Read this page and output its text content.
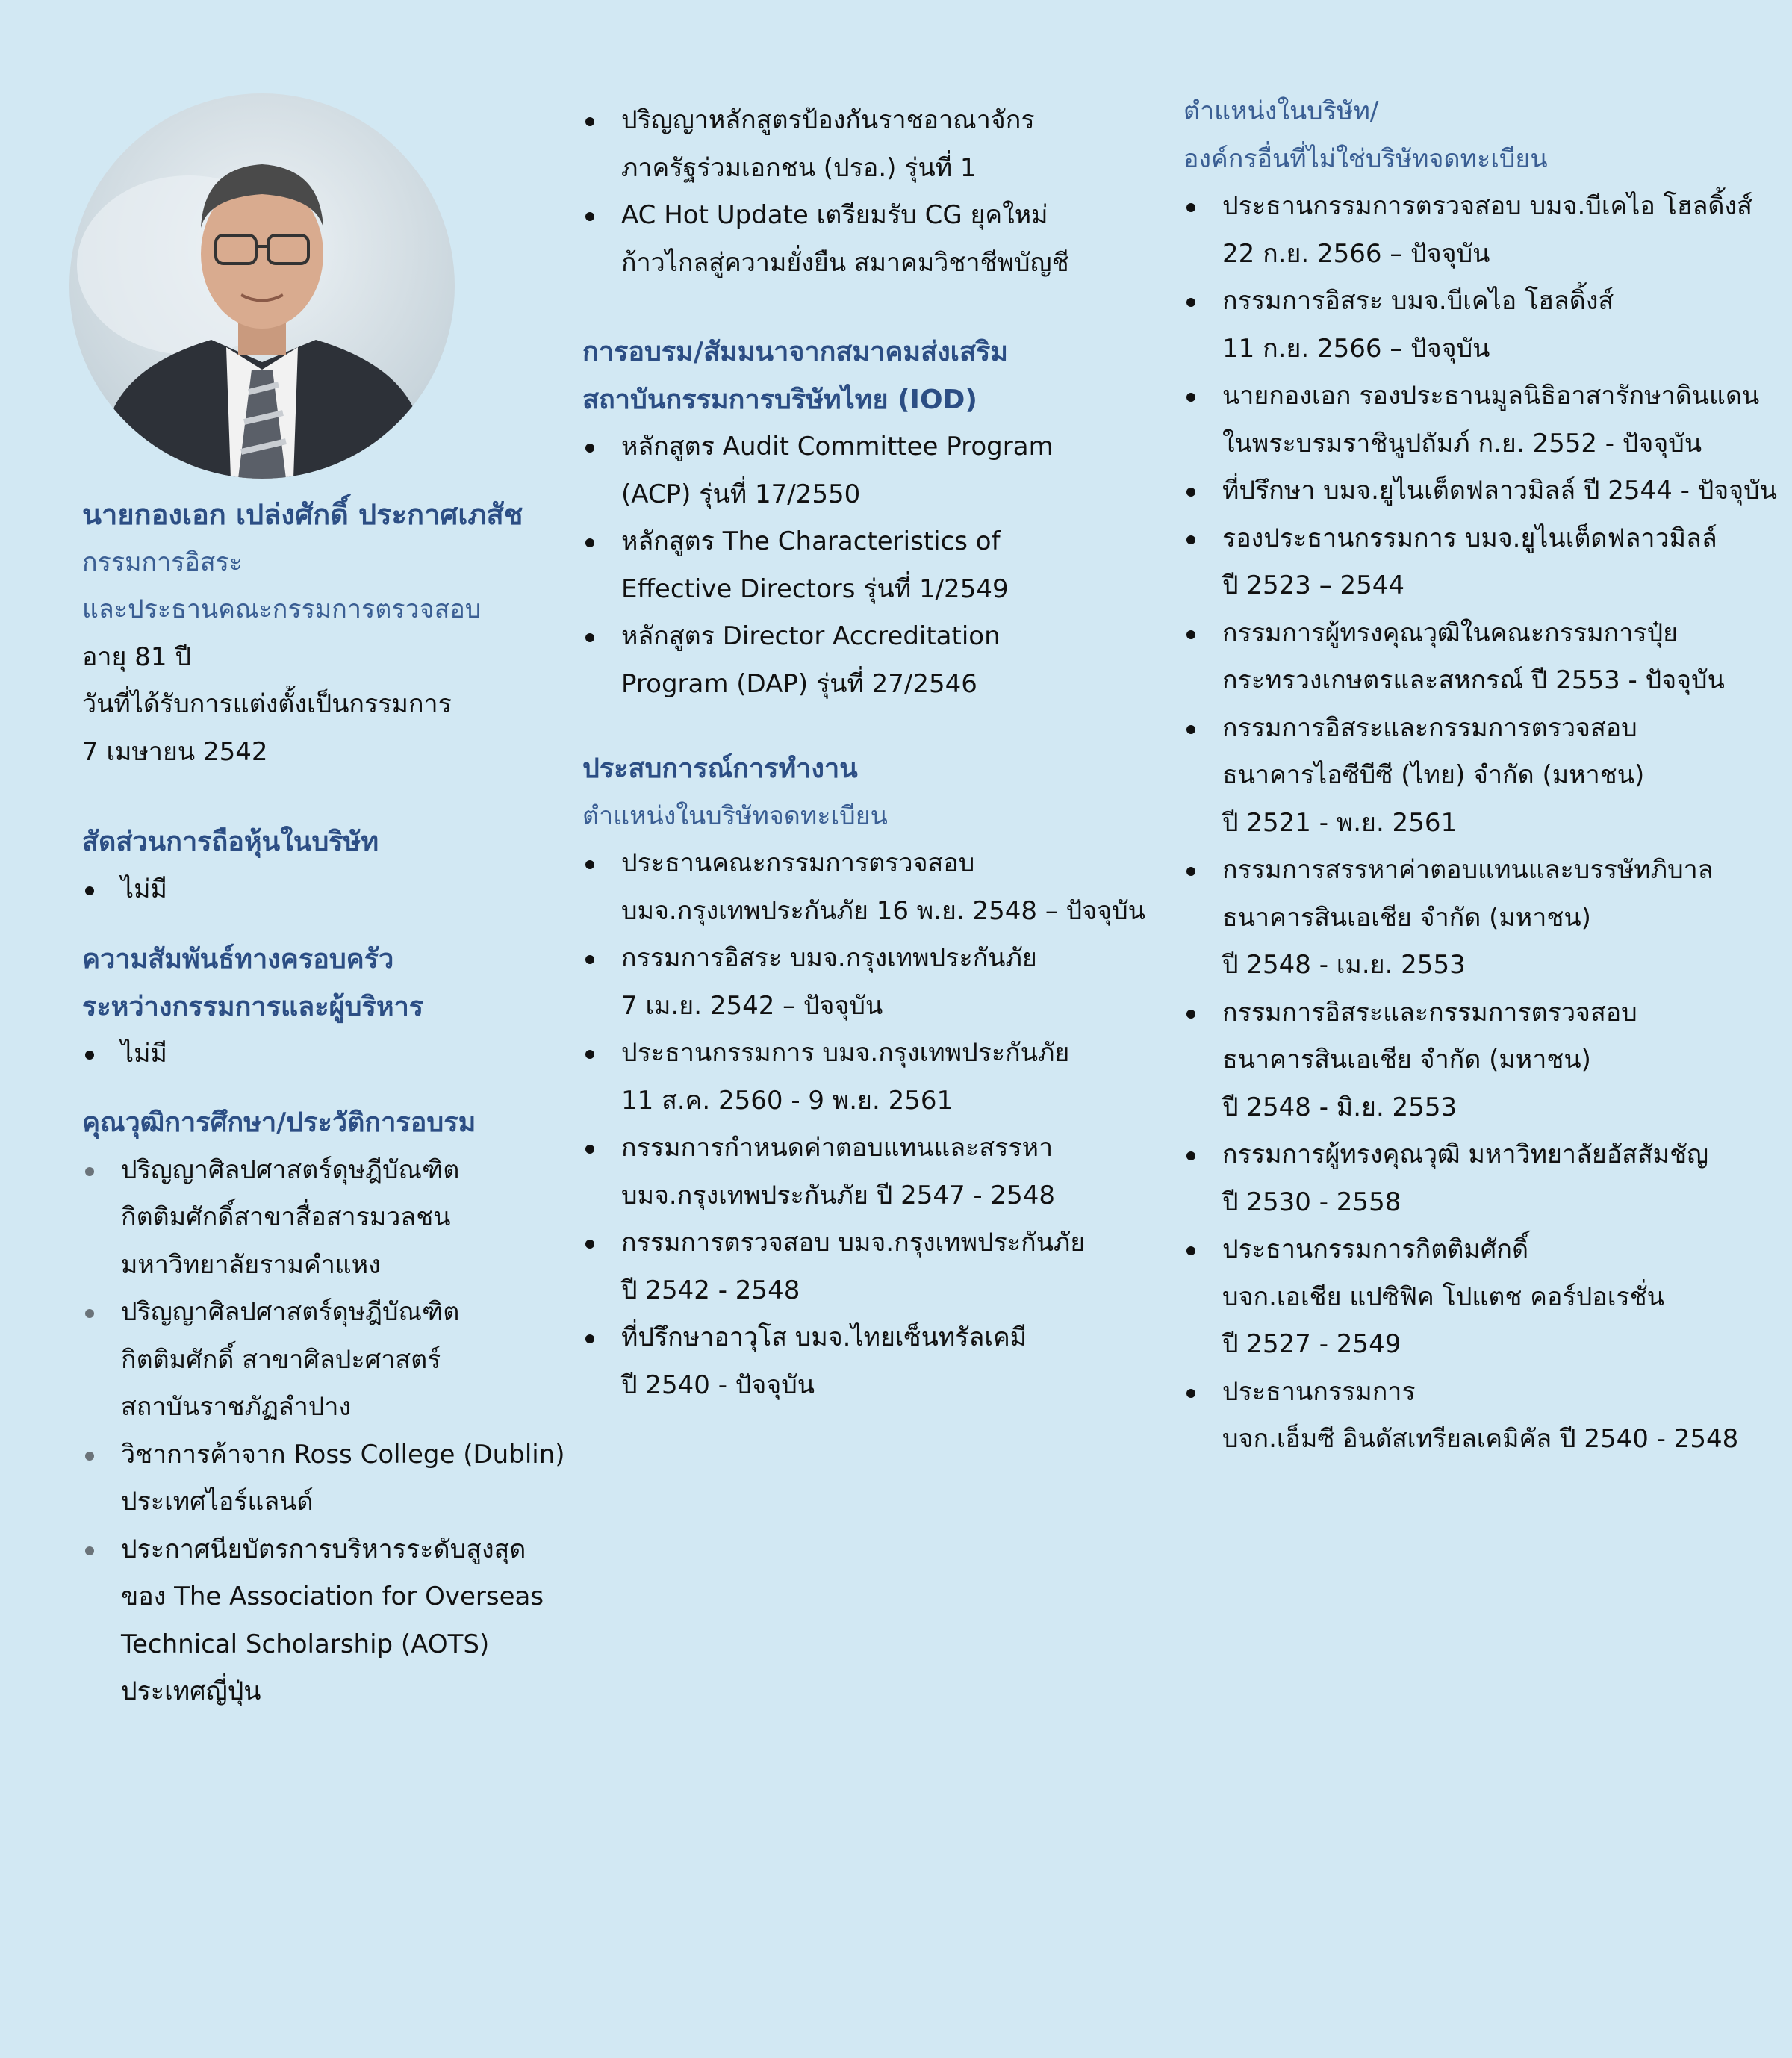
นายกองเอก เปล่งศักดิ์ ประกาศเภสัช
กรรมการอิสระ
และประธานคณะกรรมการตรวจสอบ
อายุ 81 ปี
วันที่ได้รับการแต่งตั้งเป็นกรรมการ
7 เมษายน 2542
สัดส่วนการถือหุ้นในบริษัท
ไม่มี
ความสัมพันธ์ทางครอบครัว
ระหว่างกรรมการและผู้บริหาร
ไม่มี
คุณวุฒิการศึกษา/ประวัติการอบรม
ปริญญาศิลปศาสตร์ดุษฎีบัณฑิต
กิตติมศักดิ์สาขาสื่อสารมวลชน
มหาวิทยาลัยรามคำแหง
ปริญญาศิลปศาสตร์ดุษฎีบัณฑิต
กิตติมศักดิ์ สาขาศิลปะศาสตร์
สถาบันราชภัฏลำปาง
วิชาการค้าจาก Ross College (Dublin)
ประเทศไอร์แลนด์
ประกาศนียบัตรการบริหารระดับสูงสุด
ของ The Association for Overseas
Technical Scholarship (AOTS)
ประเทศญี่ปุ่น
ปริญญาหลักสูตรป้องกันราชอาณาจักร
ภาครัฐร่วมเอกชน (ปรอ.) รุ่นที่ 1
AC Hot Update เตรียมรับ CG ยุคใหม่
ก้าวไกลสู่ความยั่งยืน สมาคมวิชาชีพบัญชี
การอบรม/สัมมนาจากสมาคมส่งเสริม
สถาบันกรรมการบริษัทไทย (IOD)
หลักสูตร Audit Committee Program
(ACP) รุ่นที่ 17/2550
หลักสูตร The Characteristics of
Effective Directors รุ่นที่ 1/2549
หลักสูตร Director Accreditation
Program (DAP) รุ่นที่ 27/2546
ประสบการณ์การทำงาน
ตำแหน่งในบริษัทจดทะเบียน
ประธานคณะกรรมการตรวจสอบ
บมจ.กรุงเทพประกันภัย 16 พ.ย. 2548 – ปัจจุบัน
กรรมการอิสระ บมจ.กรุงเทพประกันภัย
7 เม.ย. 2542 – ปัจจุบัน
ประธานกรรมการ บมจ.กรุงเทพประกันภัย
11 ส.ค. 2560 - 9 พ.ย. 2561
กรรมการกำหนดค่าตอบแทนและสรรหา
บมจ.กรุงเทพประกันภัย ปี 2547 - 2548
กรรมการตรวจสอบ บมจ.กรุงเทพประกันภัย
ปี 2542 - 2548
ที่ปรึกษาอาวุโส บมจ.ไทยเซ็นทรัลเคมี
ปี 2540 - ปัจจุบัน
ตำแหน่งในบริษัท/
องค์กรอื่นที่ไม่ใช่บริษัทจดทะเบียน
ประธานกรรมการตรวจสอบ บมจ.บีเคไอ โฮลดิ้งส์
22 ก.ย. 2566 – ปัจจุบัน
กรรมการอิสระ บมจ.บีเคไอ โฮลดิ้งส์
11 ก.ย. 2566 – ปัจจุบัน
นายกองเอก รองประธานมูลนิธิอาสารักษาดินแดน
ในพระบรมราชินูปถัมภ์ ก.ย. 2552 - ปัจจุบัน
ที่ปรึกษา บมจ.ยูไนเต็ดฟลาวมิลล์ ปี 2544 - ปัจจุบัน
รองประธานกรรมการ บมจ.ยูไนเต็ดฟลาวมิลล์
ปี 2523 – 2544
กรรมการผู้ทรงคุณวุฒิในคณะกรรมการปุ๋ย
กระทรวงเกษตรและสหกรณ์ ปี 2553 - ปัจจุบัน
กรรมการอิสระและกรรมการตรวจสอบ
ธนาคารไอซีบีซี (ไทย) จำกัด (มหาชน)
ปี 2521 - พ.ย. 2561
กรรมการสรรหาค่าตอบแทนและบรรษัทภิบาล
ธนาคารสินเอเชีย จำกัด (มหาชน)
ปี 2548 - เม.ย. 2553
กรรมการอิสระและกรรมการตรวจสอบ
ธนาคารสินเอเชีย จำกัด (มหาชน)
ปี 2548 - มิ.ย. 2553
กรรมการผู้ทรงคุณวุฒิ มหาวิทยาลัยอัสสัมชัญ
ปี 2530 - 2558
ประธานกรรมการกิตติมศักดิ์
บจก.เอเชีย แปซิฟิค โปแตช คอร์ปอเรชั่น
ปี 2527 - 2549
ประธานกรรมการ
บจก.เอ็มซี อินดัสเทรียลเคมิคัล ปี 2540 - 2548
